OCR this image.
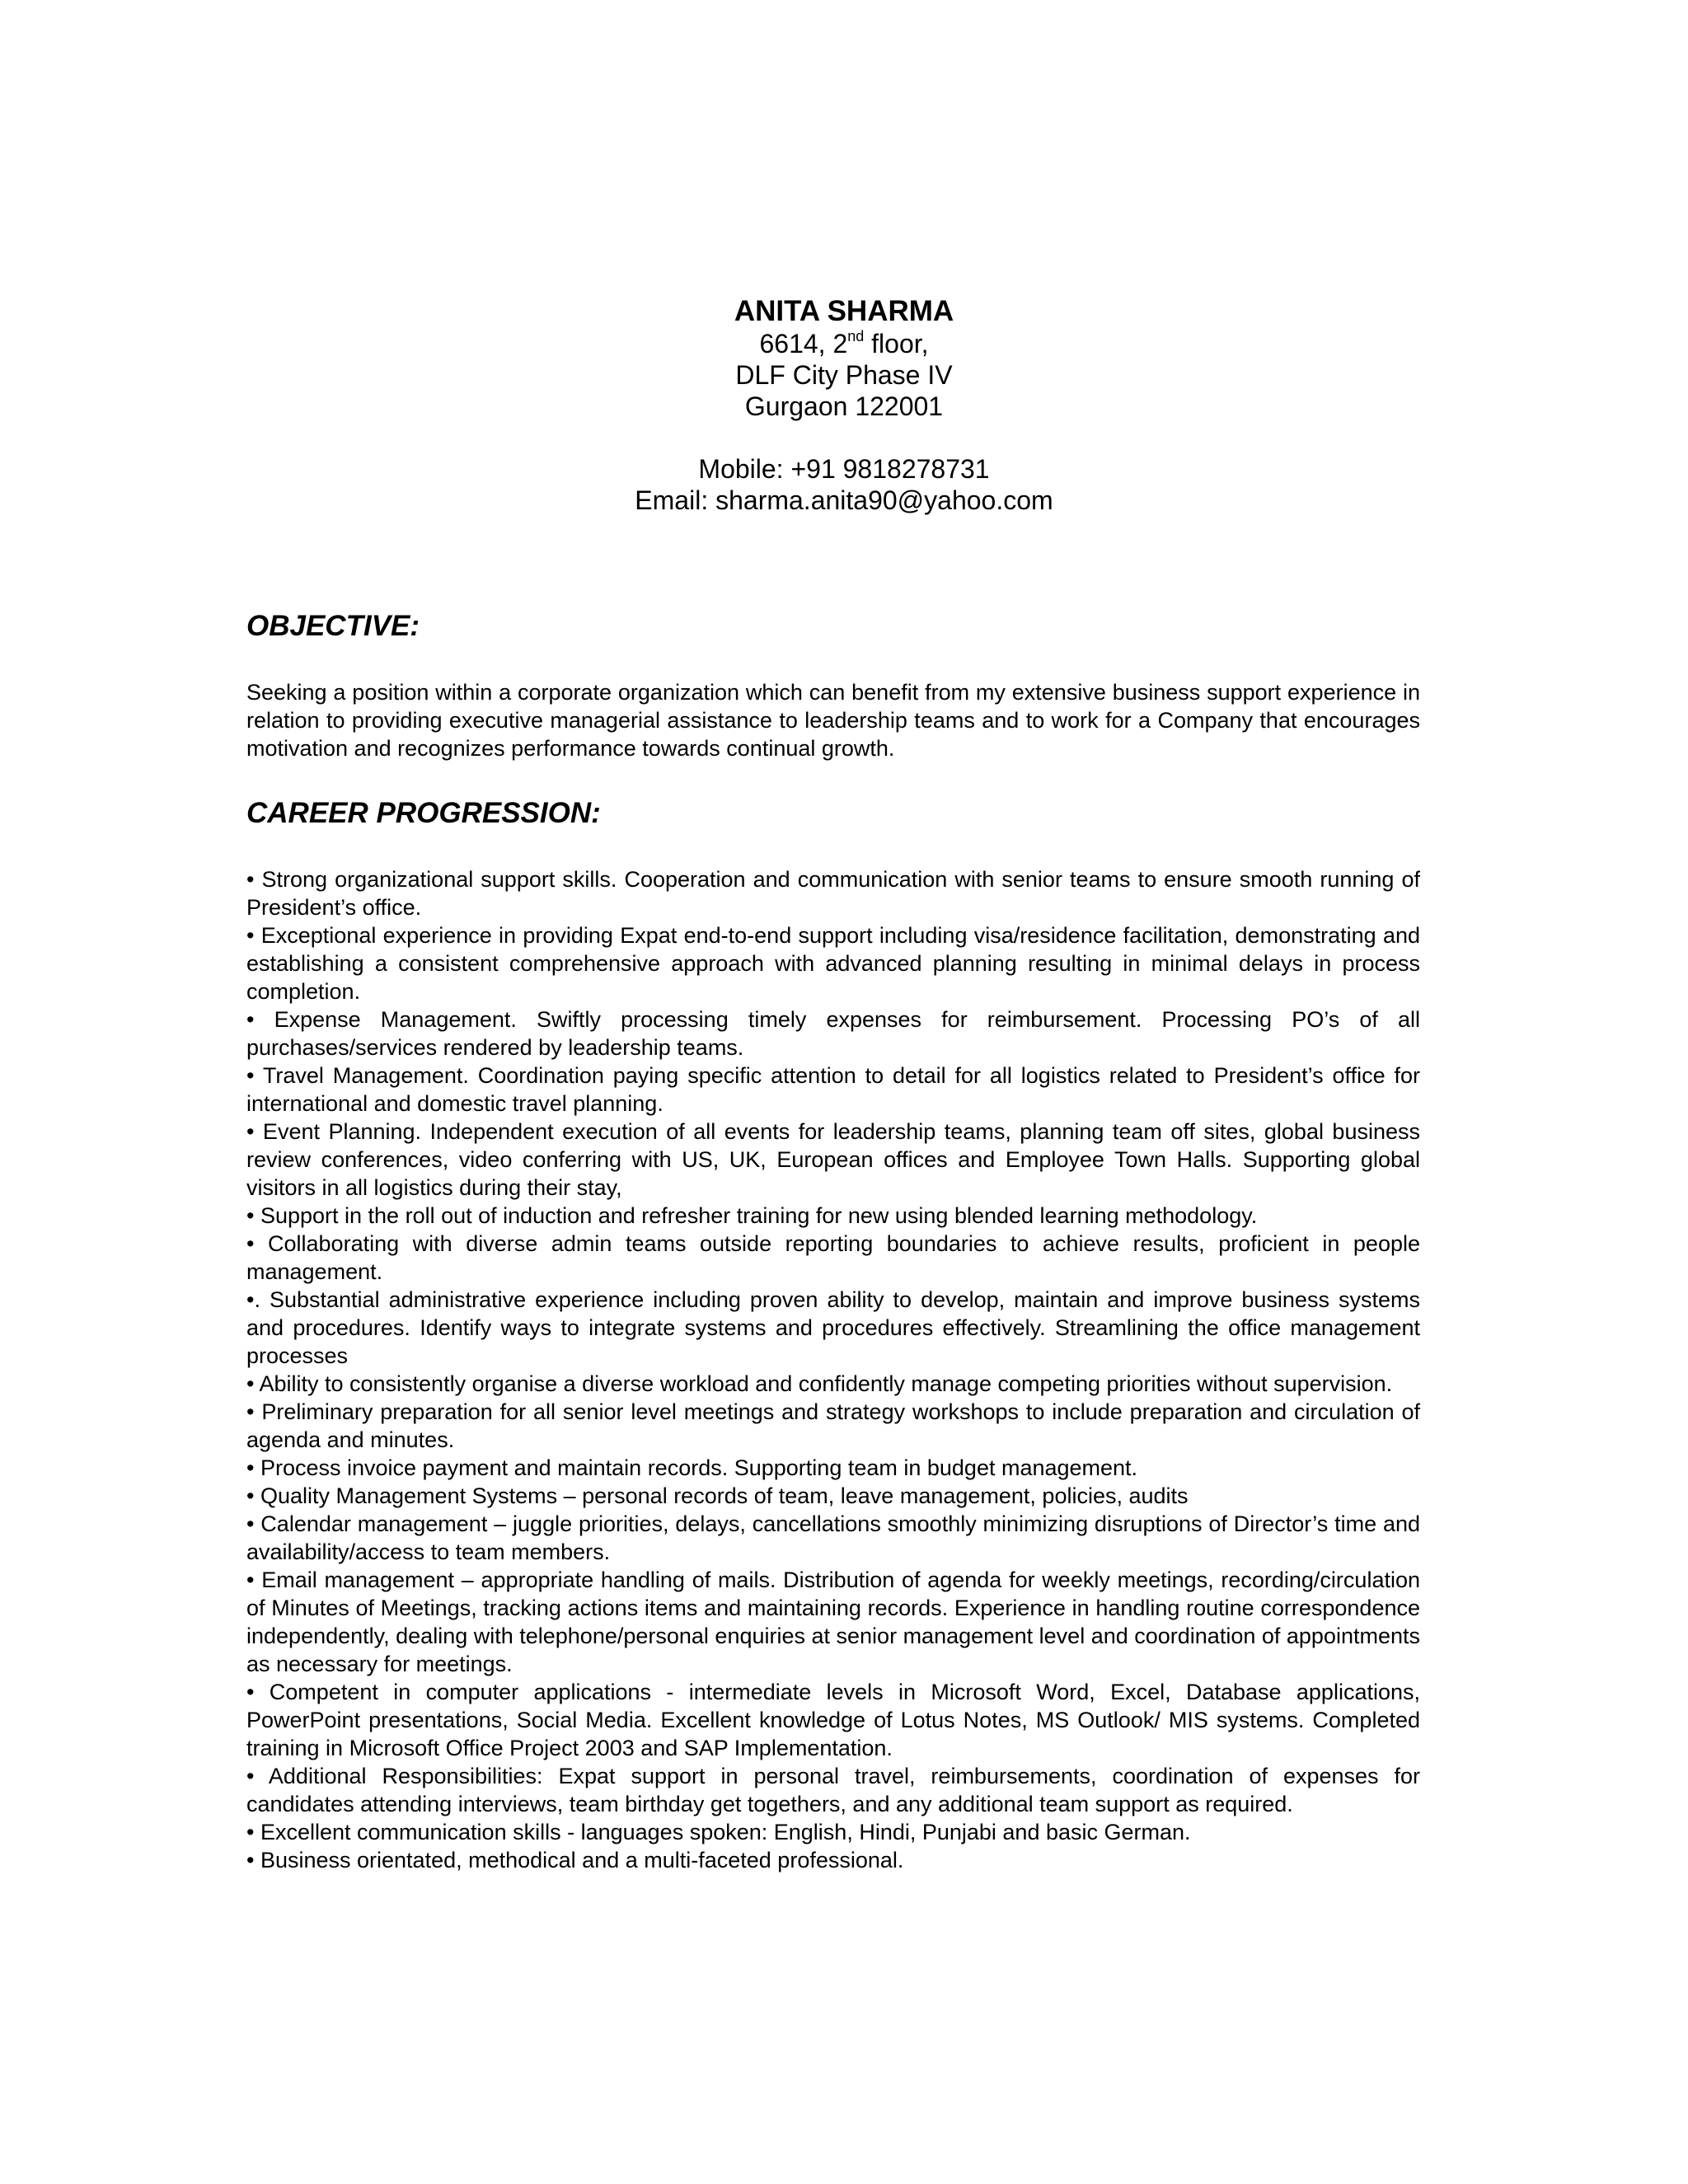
ANITA SHARMA

6614, 2nd floor,

DLF City Phase IV

Gurgaon 122001

Mobile: +91 9818278731

Email: sharma.anita90@yahoo.com

OBJECTIVE:

Seeking a position within a corporate organization which can benefit from my extensive business support experience in relation to providing executive managerial assistance to leadership teams and to work for a Company that encourages motivation and recognizes performance towards continual growth.

CAREER PROGRESSION:

• Strong organizational support skills. Cooperation and communication with senior teams to ensure smooth running of President’s office.

• Exceptional experience in providing Expat end-to-end support including visa/residence facilitation, demonstrating and establishing a consistent comprehensive approach with advanced planning resulting in minimal delays in process completion.

• Expense Management. Swiftly processing timely expenses for reimbursement. Processing PO’s of all purchases/services rendered by leadership teams.

• Travel Management. Coordination paying specific attention to detail for all logistics related to President’s office for international and domestic travel planning.

• Event Planning. Independent execution of all events for leadership teams, planning team off sites, global business review conferences, video conferring with US, UK, European offices and Employee Town Halls. Supporting global visitors in all logistics during their stay,

• Support in the roll out of induction and refresher training for new using blended learning methodology.

• Collaborating with diverse admin teams outside reporting boundaries to achieve results, proficient in people management.

•. Substantial administrative experience including proven ability to develop, maintain and improve business systems and procedures. Identify ways to integrate systems and procedures effectively. Streamlining the office management processes

• Ability to consistently organise a diverse workload and confidently manage competing priorities without supervision.

• Preliminary preparation for all senior level meetings and strategy workshops to include preparation and circulation of agenda and minutes.

• Process invoice payment and maintain records. Supporting team in budget management.

• Quality Management Systems – personal records of team, leave management, policies, audits

• Calendar management – juggle priorities, delays, cancellations smoothly minimizing disruptions of Director’s time and availability/access to team members.

• Email management – appropriate handling of mails. Distribution of agenda for weekly meetings, recording/circulation of Minutes of Meetings, tracking actions items and maintaining records. Experience in handling routine correspondence independently, dealing with telephone/personal enquiries at senior management level and coordination of appointments as necessary for meetings.

• Competent in computer applications - intermediate levels in Microsoft Word, Excel, Database applications, PowerPoint presentations, Social Media. Excellent knowledge of Lotus Notes, MS Outlook/ MIS systems. Completed training in Microsoft Office Project 2003 and SAP Implementation.

• Additional Responsibilities: Expat support in personal travel, reimbursements, coordination of expenses for candidates attending interviews, team birthday get togethers, and any additional team support as required.

• Excellent communication skills - languages spoken: English, Hindi, Punjabi and basic German.

• Business orientated, methodical and a multi-faceted professional.
